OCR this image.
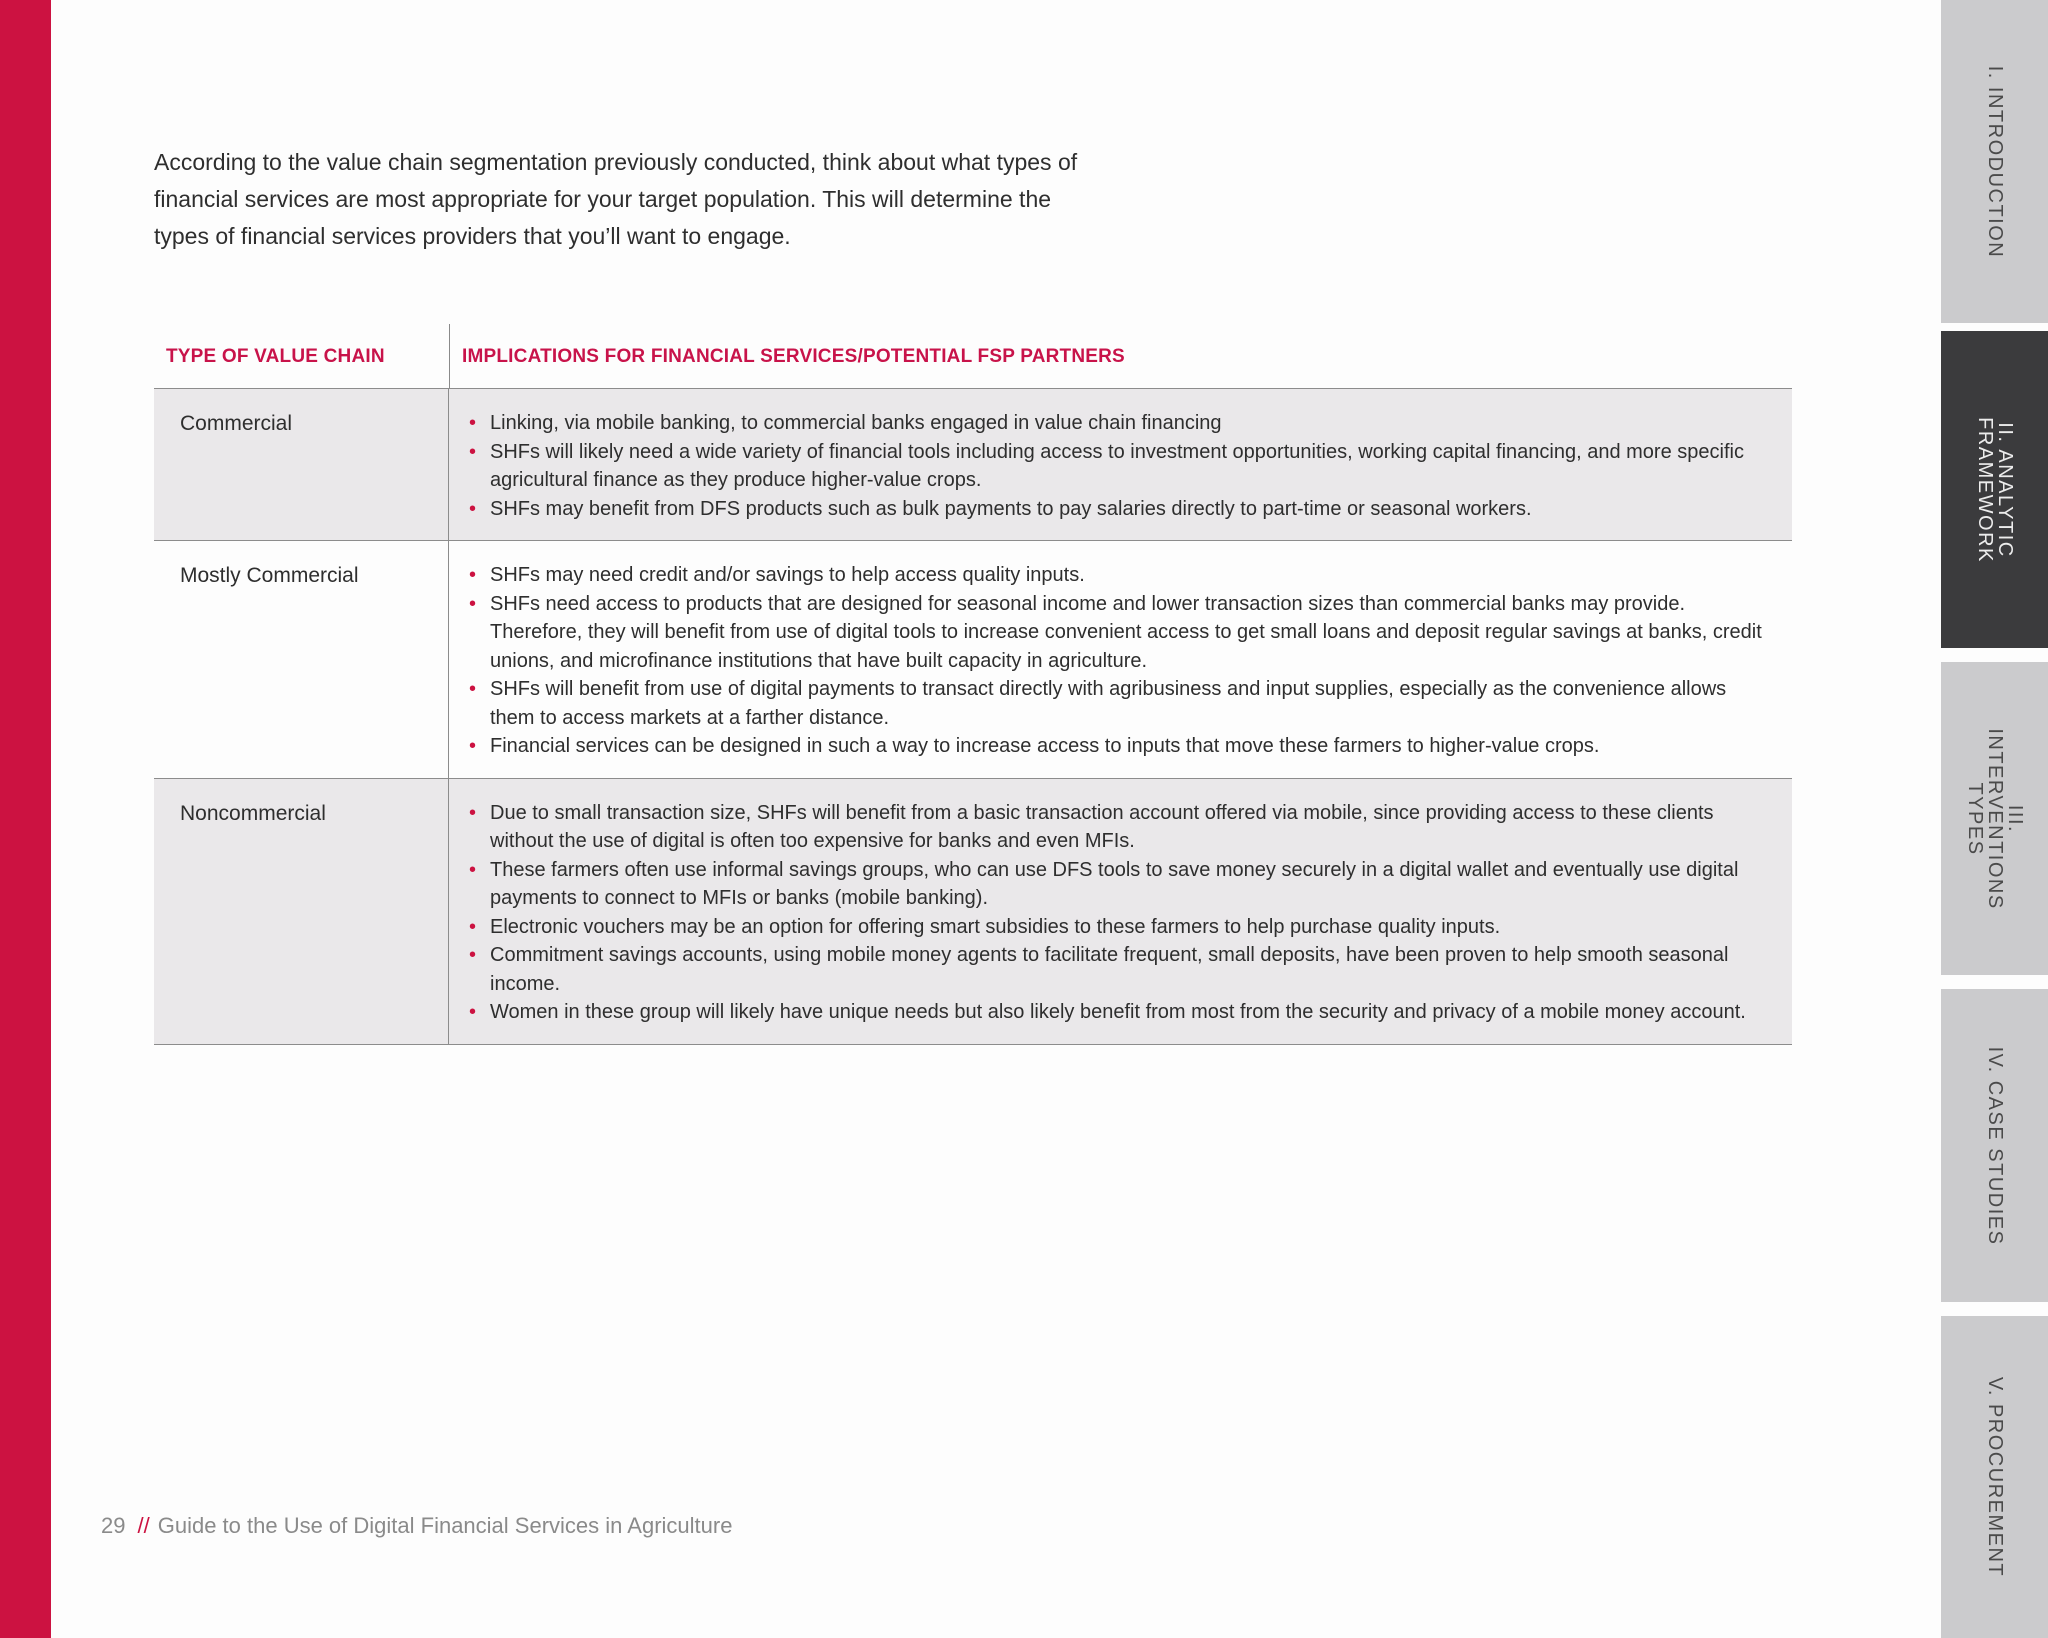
According to the value chain segmentation previously conducted, think about what types of

financial services are most appropriate for your target population. This will determine the

types of financial services providers that you’ll want to engage.

TYPE OF VALUE CHAIN	IMPLICATIONS FOR FINANCIAL SERVICES/POTENTIAL FSP PARTNERS
Commercial	• Linking, via mobile banking, to commercial banks engaged in value chain financing
• SHFs will likely need a wide variety of financial tools including access to investment opportunities, working capital financing, and more specific agricultural finance as they produce higher-value crops.
• SHFs may benefit from DFS products such as bulk payments to pay salaries directly to part-time or seasonal workers.
Mostly Commercial	• SHFs may need credit and/or savings to help access quality inputs.
• SHFs need access to products that are designed for seasonal income and lower transaction sizes than commercial banks may provide. Therefore, they will benefit from use of digital tools to increase convenient access to get small loans and deposit regular savings at banks, credit unions, and microfinance institutions that have built capacity in agriculture.
• SHFs will benefit from use of digital payments to transact directly with agribusiness and input supplies, especially as the convenience allows them to access markets at a farther distance.
• Financial services can be designed in such a way to increase access to inputs that move these farmers to higher-value crops.
Noncommercial	• Due to small transaction size, SHFs will benefit from a basic transaction account offered via mobile, since providing access to these clients without the use of digital is often too expensive for banks and even MFIs.
• These farmers often use informal savings groups, who can use DFS tools to save money securely in a digital wallet and eventually use digital payments to connect to MFIs or banks (mobile banking).
• Electronic vouchers may be an option for offering smart subsidies to these farmers to help purchase quality inputs.
• Commitment savings accounts, using mobile money agents to facilitate frequent, small deposits, have been proven to help smooth seasonal income.
• Women in these group will likely have unique needs but also likely benefit from most from the security and privacy of a mobile money account.
29 // Guide to the Use of Digital Financial Services in Agriculture
I. INTRODUCTION
II. ANALYTIC
FRAMEWORK
III. INTERVENTIONS
TYPES
IV. CASE STUDIES
V. PROCUREMENT
